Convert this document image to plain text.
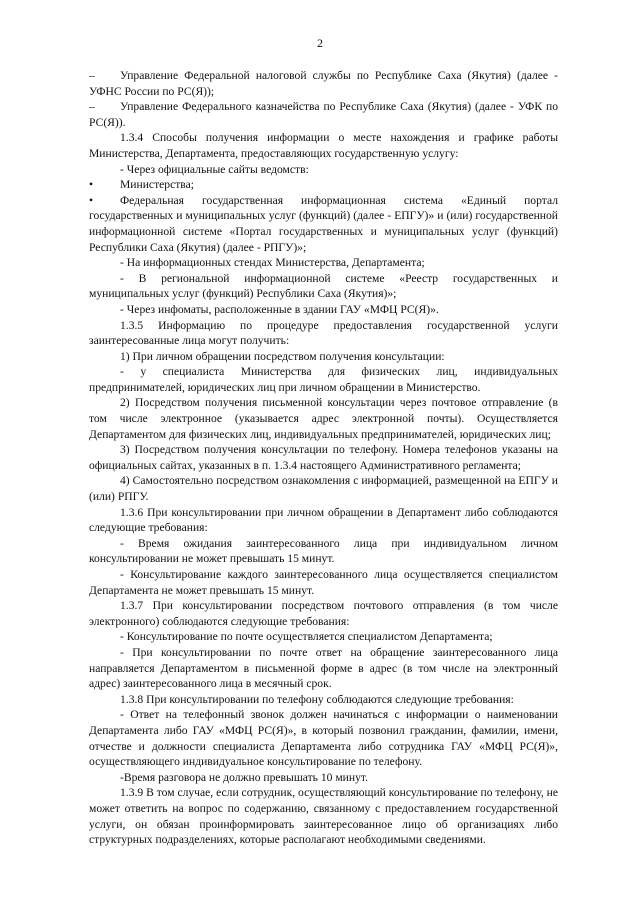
2

– Управление Федеральной налоговой службы по Республике Саха (Якутия) (далее - УФНС России по РС(Я));

– Управление Федерального казначейства по Республике Саха (Якутия) (далее - УФК по РС(Я)).

1.3.4 Способы получения информации о месте нахождения и графике работы Министерства, Департамента, предоставляющих государственную услугу:

- Через официальные сайты ведомств:

•	Министерства;

• Федеральная государственная информационная система «Единый портал государственных и муниципальных услуг (функций) (далее - ЕПГУ)» и (или) государственной информационной системе «Портал государственных и муниципальных услуг (функций) Республики Саха (Якутия) (далее - РПГУ)»;

- На информационных стендах Министерства, Департамента;

- В региональной информационной системе «Реестр государственных и муниципальных услуг (функций) Республики Саха (Якутия)»;

- Через инфоматы, расположенные в здании ГАУ «МФЦ РС(Я)».

1.3.5 Информацию по процедуре предоставления государственной услуги заинтересованные лица могут получить:

1) При личном обращении посредством получения консультации:

- у специалиста Министерства для физических лиц, индивидуальных предпринимателей, юридических лиц при личном обращении в Министерство.

2) Посредством получения письменной консультации через почтовое отправление (в том числе электронное (указывается адрес электронной почты). Осуществляется Департаментом для физических лиц, индивидуальных предпринимателей, юридических лиц;

3) Посредством получения консультации по телефону. Номера телефонов указаны на официальных сайтах, указанных в п. 1.3.4 настоящего Административного регламента;

4) Самостоятельно посредством ознакомления с информацией, размещенной на ЕПГУ и (или) РПГУ.

1.3.6 При консультировании при личном обращении в Департамент либо соблюдаются следующие требования:

- Время ожидания заинтересованного лица при индивидуальном личном консультировании не может превышать 15 минут.

- Консультирование каждого заинтересованного лица осуществляется специалистом Департамента не может превышать 15 минут.

1.3.7 При консультировании посредством почтового отправления (в том числе электронного) соблюдаются следующие требования:

- Консультирование по почте осуществляется специалистом Департамента;

- При консультировании по почте ответ на обращение заинтересованного лица направляется Департаментом в письменной форме в адрес (в том числе на электронный адрес) заинтересованного лица в месячный срок.

1.3.8 При консультировании по телефону соблюдаются следующие требования:

- Ответ на телефонный звонок должен начинаться с информации о наименовании Департамента либо ГАУ «МФЦ РС(Я)», в который позвонил гражданин, фамилии, имени, отчестве и должности специалиста Департамента либо сотрудника ГАУ «МФЦ РС(Я)», осуществляющего индивидуальное консультирование по телефону.

-Время разговора не должно превышать 10 минут.

1.3.9 В том случае, если сотрудник, осуществляющий консультирование по телефону, не может ответить на вопрос по содержанию, связанному с предоставлением государственной услуги, он обязан проинформировать заинтересованное лицо об организациях либо структурных подразделениях, которые располагают необходимыми сведениями.
